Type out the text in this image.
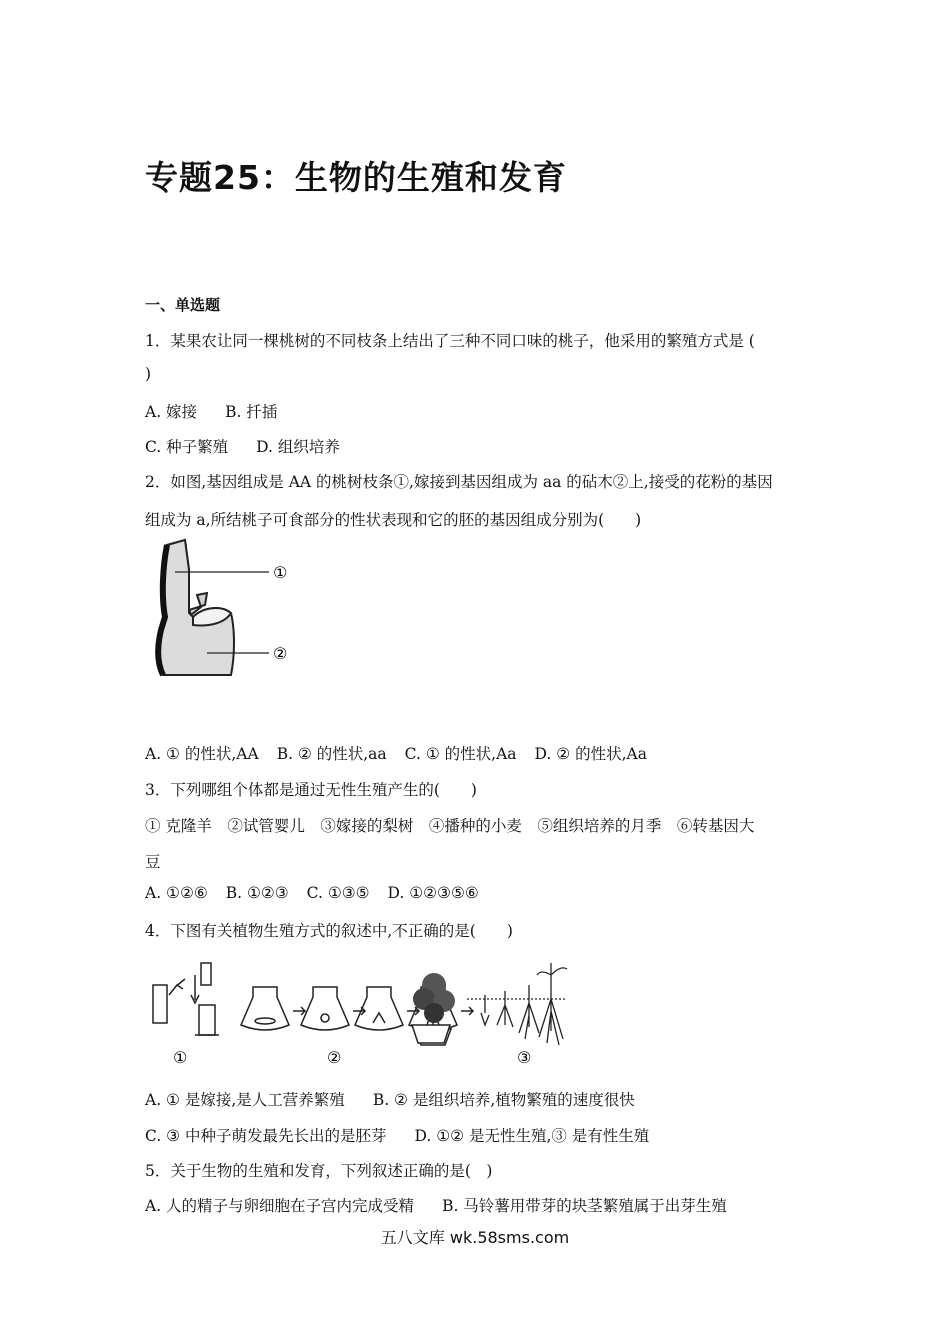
专题25：生物的生殖和发育
一、单选题
1．某果农让同一棵桃树的不同枝条上结出了三种不同口味的桃子，他采用的繁殖方式是 (
)
A. 嫁接 B. 扦插
C. 种子繁殖 D. 组织培养
2．如图,基因组成是 AA 的桃树枝条①,嫁接到基因组成为 aa 的砧木②上,接受的花粉的基因
组成为 a,所结桃子可食部分的性状表现和它的胚的基因组成分别为(　　)
①
②
A. ① 的性状,AA B. ② 的性状,aa C. ① 的性状,Aa D. ② 的性状,Aa
3．下列哪组个体都是通过无性生殖产生的(　　)
① 克隆羊　②试管婴儿　③嫁接的梨树　④播种的小麦　⑤组织培养的月季　⑥转基因大
豆
A. ①②⑥ B. ①②③ C. ①③⑤ D. ①②③⑤⑥
4．下图有关植物生殖方式的叙述中,不正确的是(　　)
①	②	③
A. ① 是嫁接,是人工营养繁殖 B. ② 是组织培养,植物繁殖的速度很快
C. ③ 中种子萌发最先长出的是胚芽 D. ①② 是无性生殖,③ 是有性生殖
5．关于生物的生殖和发育，下列叙述正确的是(　)
A. 人的精子与卵细胞在子宫内完成受精 B. 马铃薯用带芽的块茎繁殖属于出芽生殖
五八文库 wk.58sms.com
